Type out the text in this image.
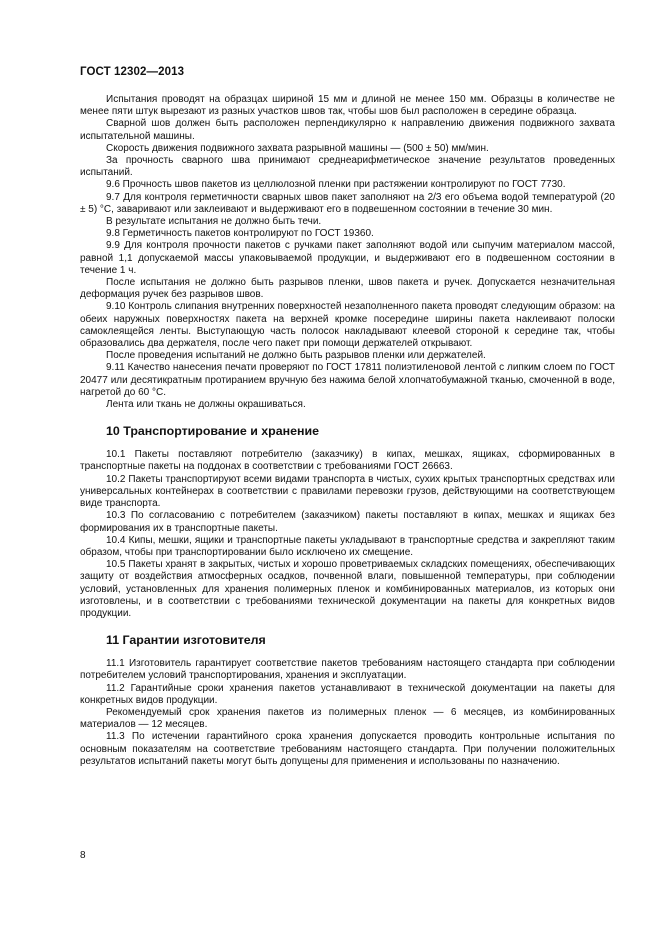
ГОСТ 12302—2013

Испытания проводят на образцах шириной 15 мм и длиной не менее 150 мм. Образцы в количестве не менее пяти штук вырезают из разных участков швов так, чтобы шов был расположен в середине образца.

Сварной шов должен быть расположен перпендикулярно к направлению движения подвижного захвата испытательной машины.

Скорость движения подвижного захвата разрывной машины — (500 ± 50) мм/мин.

За прочность сварного шва принимают среднеарифметическое значение результатов проведенных испытаний.

9.6 Прочность швов пакетов из целлюлозной пленки при растяжении контролируют по ГОСТ 7730.

9.7 Для контроля герметичности сварных швов пакет заполняют на 2/3 его объема водой температурой (20 ± 5) °С, заваривают или заклеивают и выдерживают его в подвешенном состоянии в течение 30 мин.

В результате испытания не должно быть течи.

9.8 Герметичность пакетов контролируют по ГОСТ 19360.

9.9 Для контроля прочности пакетов с ручками пакет заполняют водой или сыпучим материалом массой, равной 1,1 допускаемой массы упаковываемой продукции, и выдерживают его в подвешенном состоянии в течение 1 ч.

После испытания не должно быть разрывов пленки, швов пакета и ручек. Допускается незначительная деформация ручек без разрывов швов.

9.10 Контроль слипания внутренних поверхностей незаполненного пакета проводят следующим образом: на обеих наружных поверхностях пакета на верхней кромке посередине ширины пакета наклеивают полоски самоклеящейся ленты. Выступающую часть полосок накладывают клеевой стороной к середине так, чтобы образовались два держателя, после чего пакет при помощи держателей открывают.

После проведения испытаний не должно быть разрывов пленки или держателей.

9.11 Качество нанесения печати проверяют по ГОСТ 17811 полиэтиленовой лентой с липким слоем по ГОСТ 20477 или десятикратным протиранием вручную без нажима белой хлопчатобумажной тканью, смоченной в воде, нагретой до 60 °С.

Лента или ткань не должны окрашиваться.

10 Транспортирование и хранение

10.1 Пакеты поставляют потребителю (заказчику) в кипах, мешках, ящиках, сформированных в транспортные пакеты на поддонах в соответствии с требованиями ГОСТ 26663.

10.2 Пакеты транспортируют всеми видами транспорта в чистых, сухих крытых транспортных средствах или универсальных контейнерах в соответствии с правилами перевозки грузов, действующими на соответствующем виде транспорта.

10.3 По согласованию с потребителем (заказчиком) пакеты поставляют в кипах, мешках и ящиках без формирования их в транспортные пакеты.

10.4 Кипы, мешки, ящики и транспортные пакеты укладывают в транспортные средства и закрепляют таким образом, чтобы при транспортировании было исключено их смещение.

10.5 Пакеты хранят в закрытых, чистых и хорошо проветриваемых складских помещениях, обеспечивающих защиту от воздействия атмосферных осадков, почвенной влаги, повышенной температуры, при соблюдении условий, установленных для хранения полимерных пленок и комбинированных материалов, из которых они изготовлены, и в соответствии с требованиями технической документации на пакеты для конкретных видов продукции.

11 Гарантии изготовителя

11.1 Изготовитель гарантирует соответствие пакетов требованиям настоящего стандарта при соблюдении потребителем условий транспортирования, хранения и эксплуатации.

11.2 Гарантийные сроки хранения пакетов устанавливают в технической документации на пакеты для конкретных видов продукции.

Рекомендуемый срок хранения пакетов из полимерных пленок — 6 месяцев, из комбинированных материалов — 12 месяцев.

11.3 По истечении гарантийного срока хранения допускается проводить контрольные испытания по основным показателям на соответствие требованиям настоящего стандарта. При получении положительных результатов испытаний пакеты могут быть допущены для применения и использованы по назначению.

8
